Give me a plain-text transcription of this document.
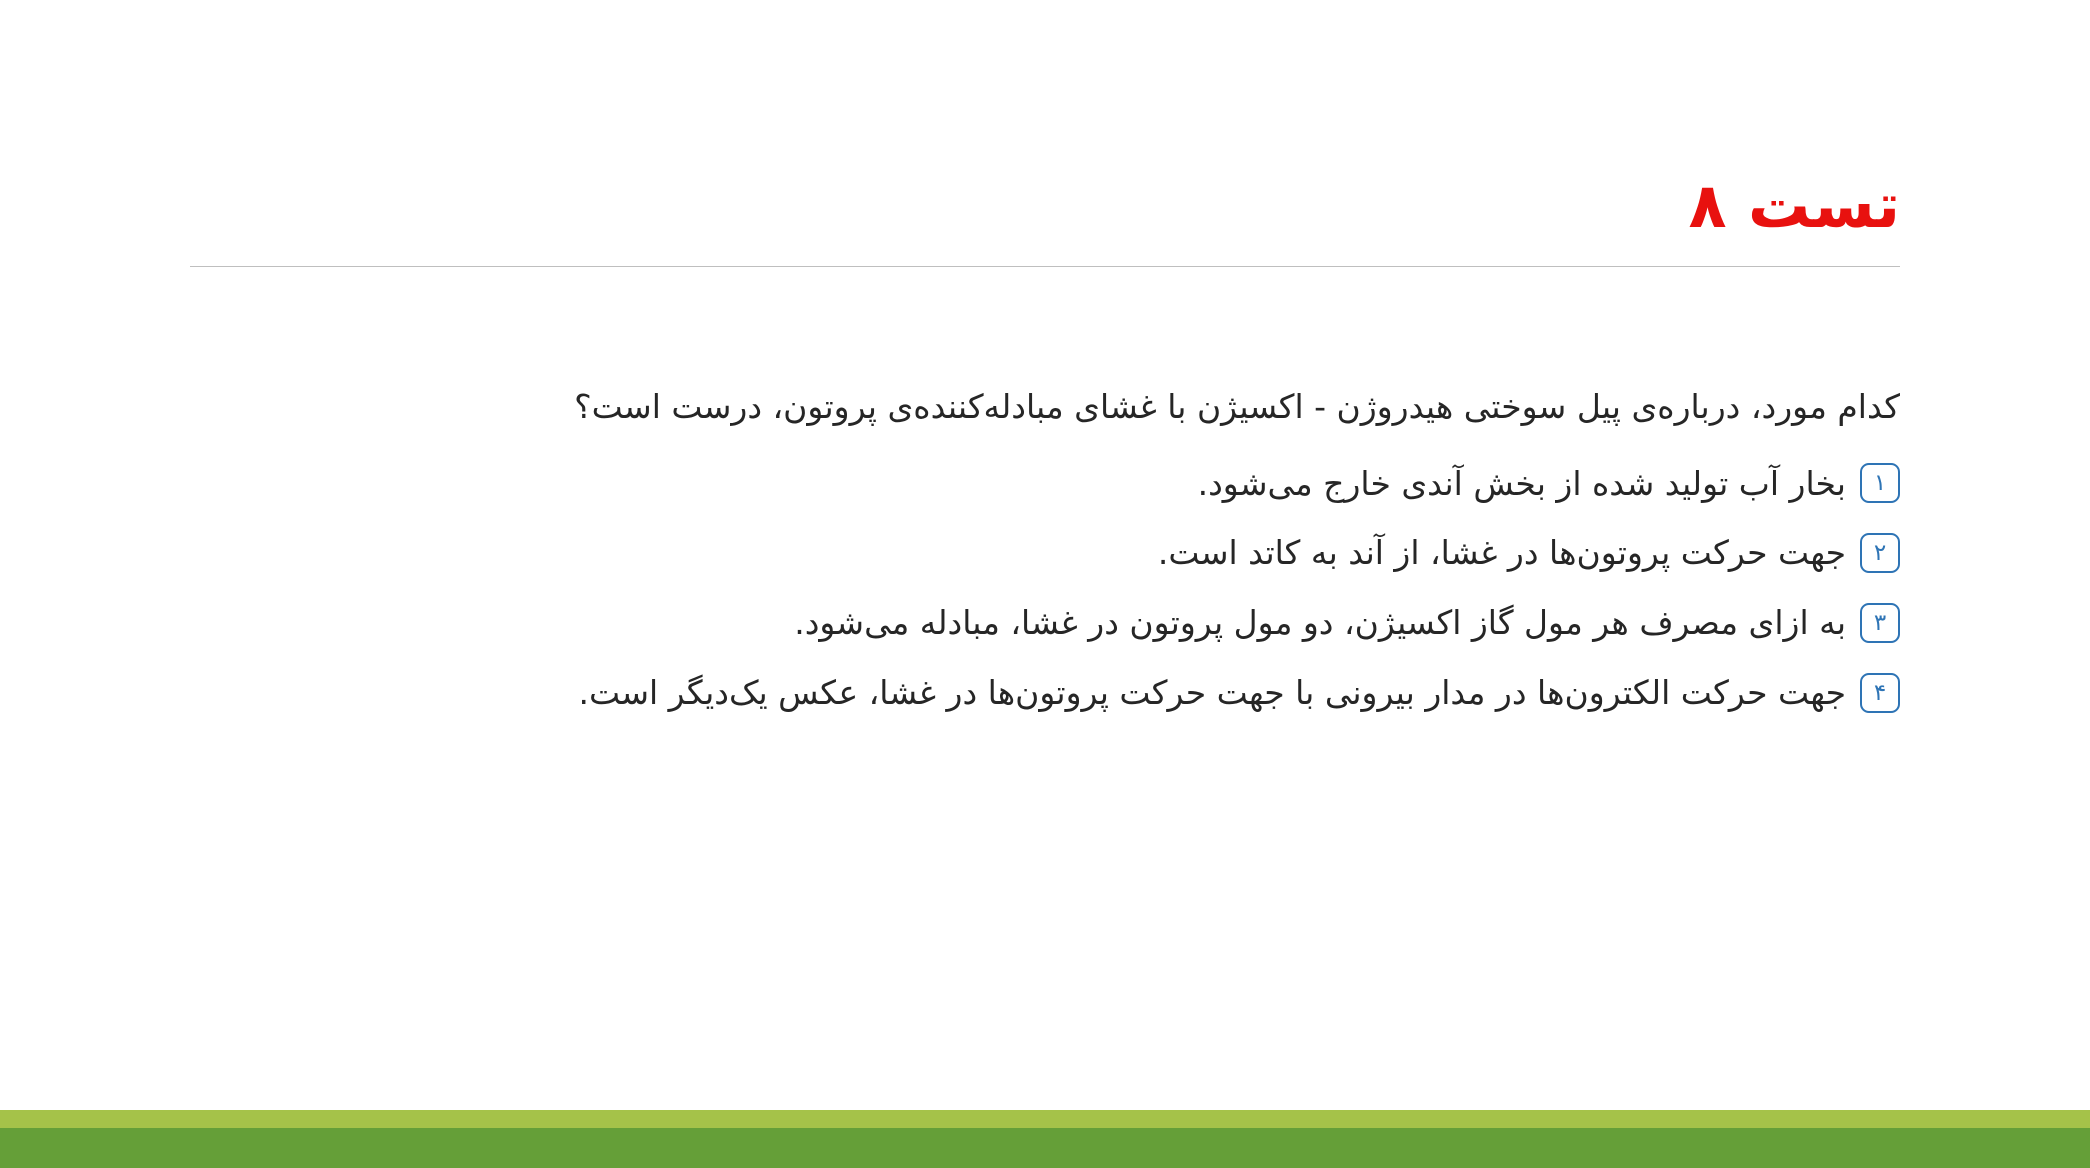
تست ۸
کدام مورد، درباره‌ی پیل سوختی هیدروژن - اکسیژن با غشای مبادله‌کننده‌ی پروتون، درست است؟
۱
بخار آب تولید شده از بخش آندی خارج می‌شود.
۲
جهت حرکت پروتون‌ها در غشا، از آند به کاتد است.
۳
به ازای مصرف هر مول گاز اکسیژن، دو مول پروتون در غشا، مبادله می‌شود.
۴
جهت حرکت الکترون‌ها در مدار بیرونی با جهت حرکت پروتون‌ها در غشا، عکس یک‌دیگر است.
